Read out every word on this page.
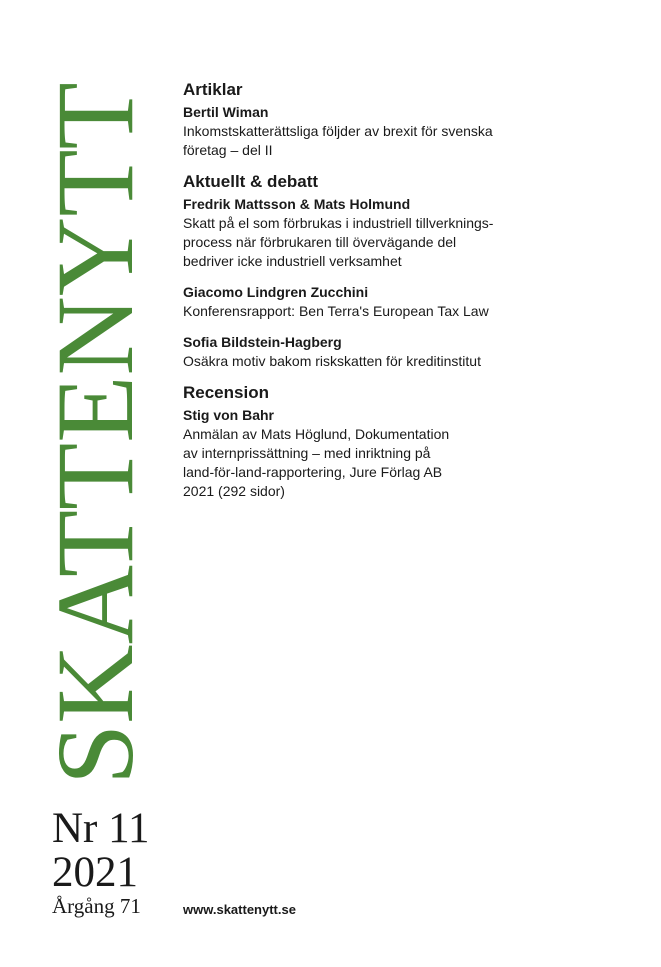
SKATTENYTT
Nr 11
2021
Årgång 71
Artiklar
Bertil Wiman
Inkomstskatterättsliga följder av brexit för svenska
företag – del II
Aktuellt & debatt
Fredrik Mattsson & Mats Holmund
Skatt på el som förbrukas i industriell tillverknings-
process när förbrukaren till övervägande del
bedriver icke industriell verksamhet
Giacomo Lindgren Zucchini
Konferensrapport: Ben Terra's European Tax Law
Sofia Bildstein-Hagberg
Osäkra motiv bakom riskskatten för kreditinstitut
Recension
Stig von Bahr
Anmälan av Mats Höglund, Dokumentation
av internprissättning – med inriktning på
land-för-land-rapportering, Jure Förlag AB
2021 (292 sidor)
www.skattenytt.se
